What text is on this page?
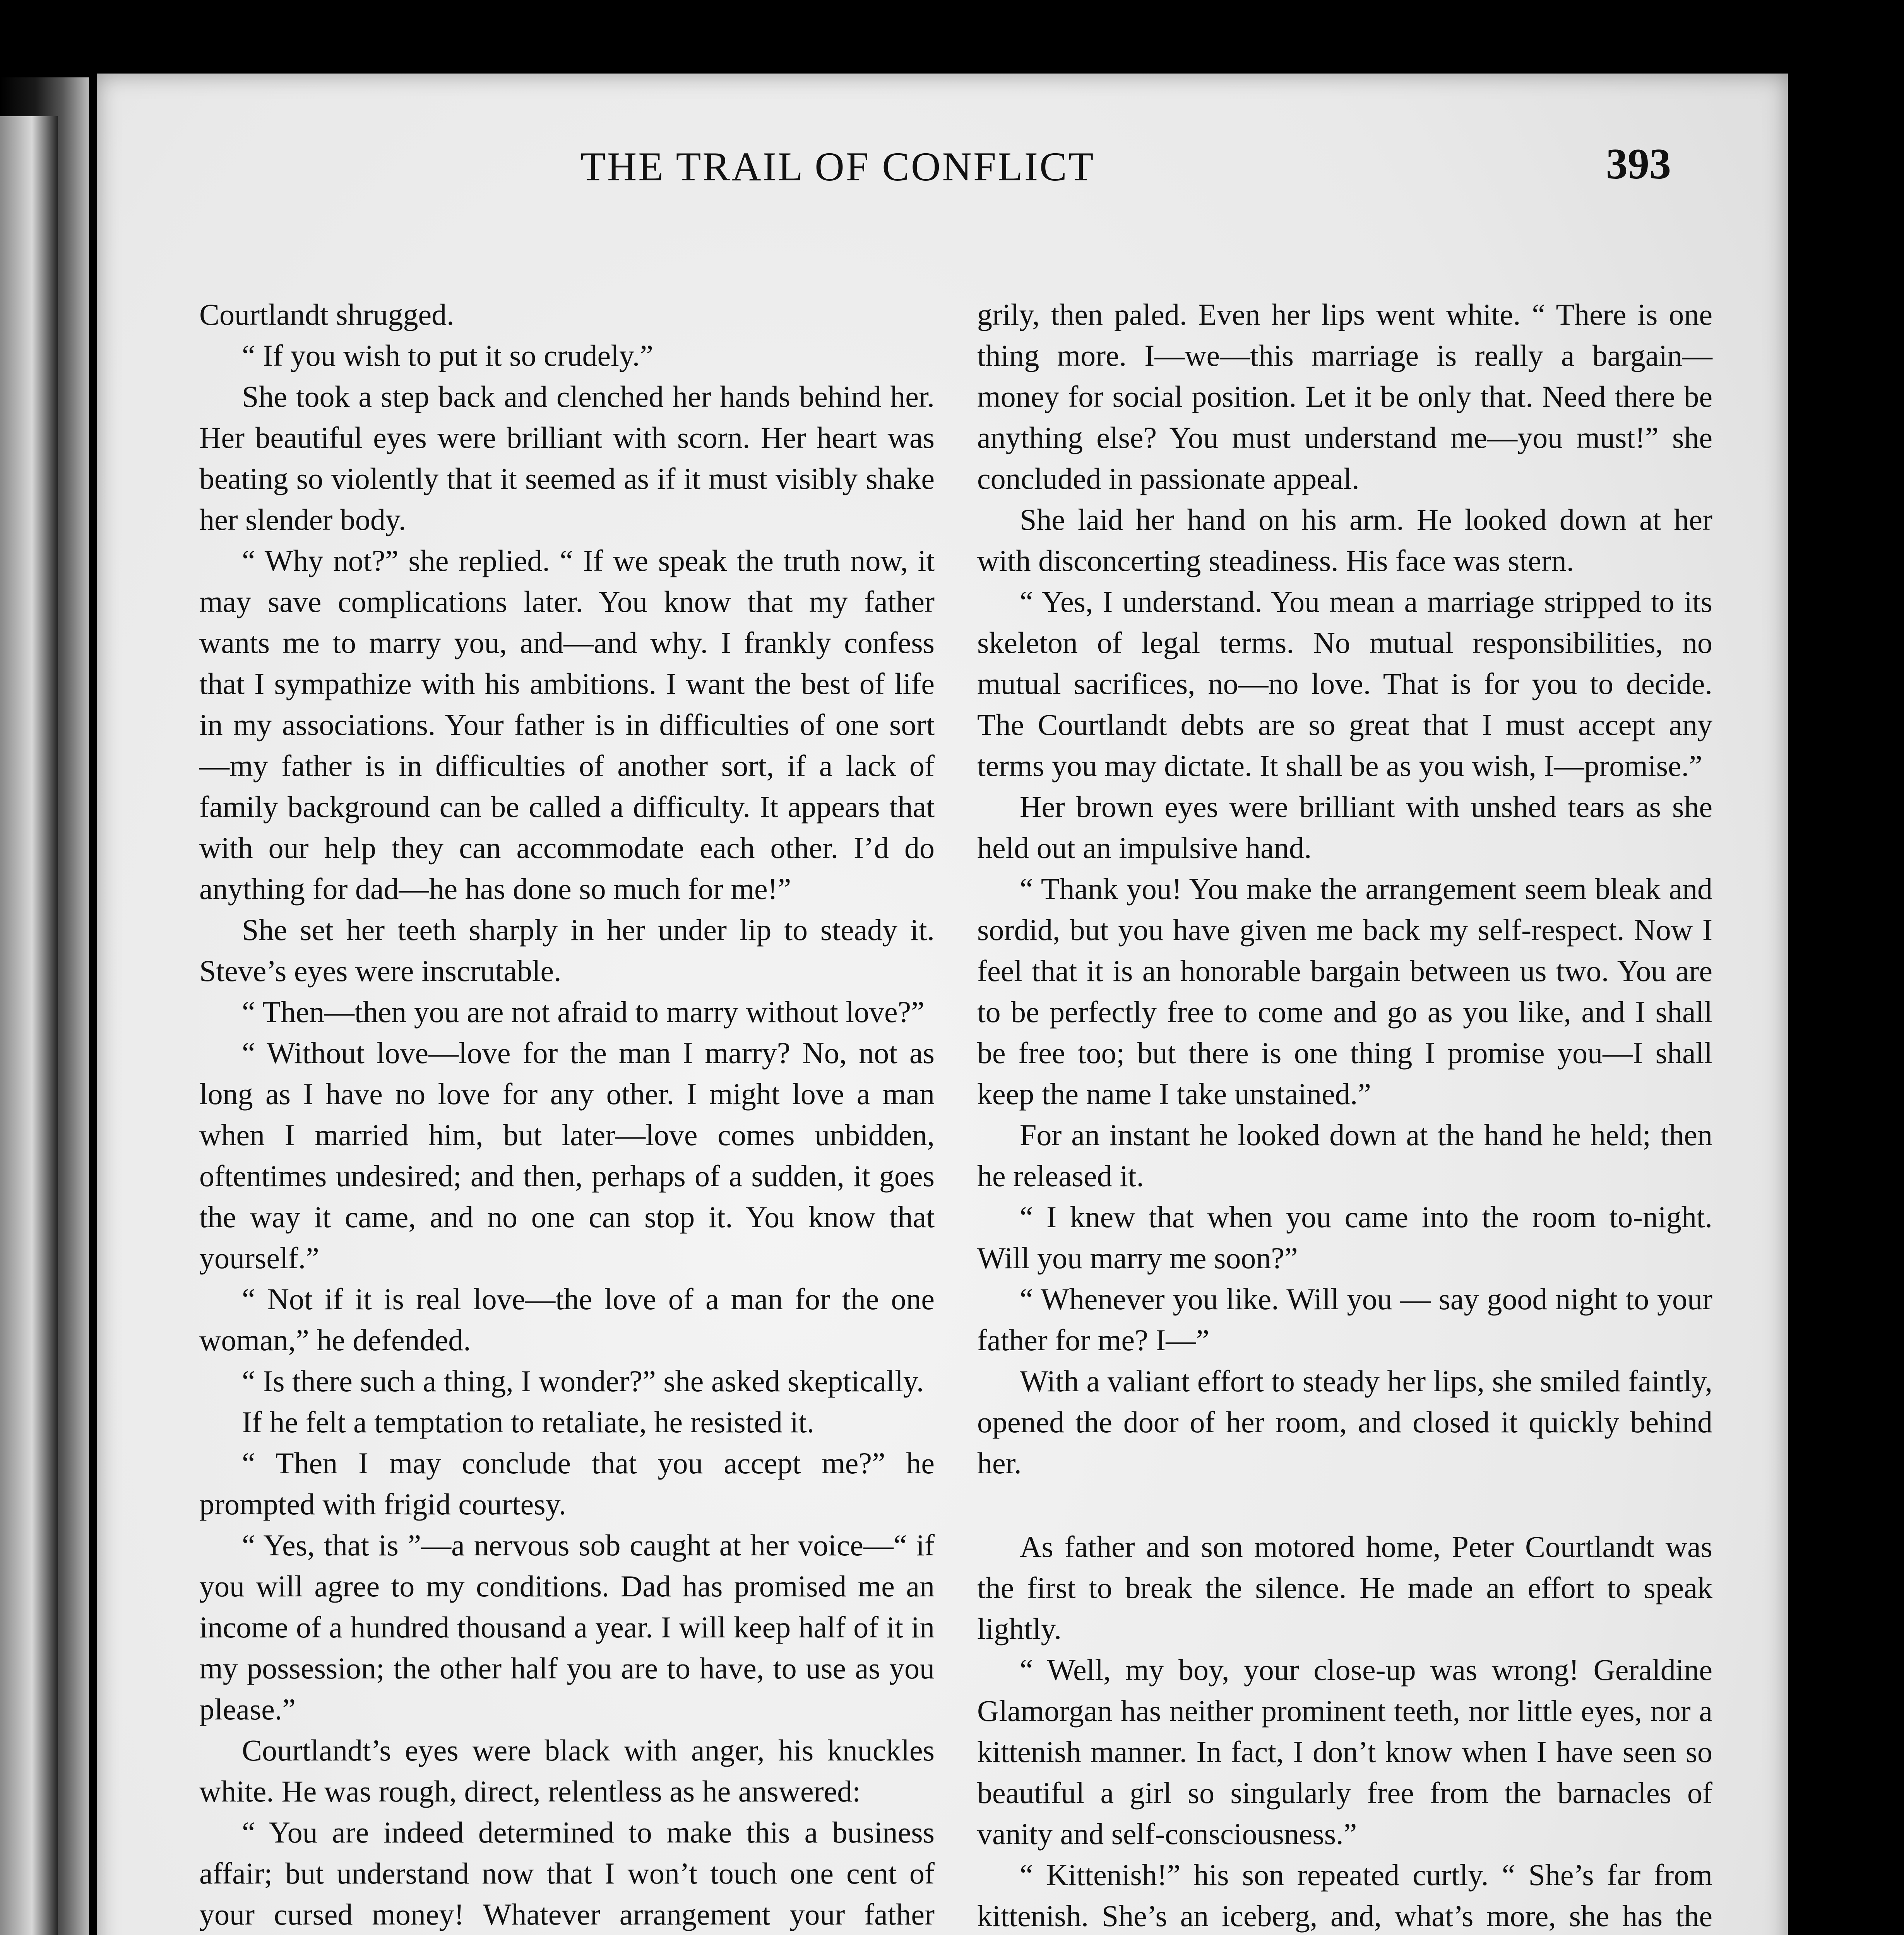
THE TRAIL OF CONFLICT	393

Courtlandt shrugged.

“ If you wish to put it so crudely.”

She took a step back and clenched her hands behind her. Her beautiful eyes were brilliant with scorn. Her heart was beating so violently that it seemed as if it must visibly shake her slender body.

“ Why not?” she replied. “ If we speak the truth now, it may save complications later. You know that my father wants me to marry you, and—and why. I frankly confess that I sympathize with his ambitions. I want the best of life in my associations. Your father is in difficulties of one sort—my father is in difficulties of another sort, if a lack of family background can be called a difficulty. It appears that with our help they can accommodate each other. I’d do anything for dad—he has done so much for me!”

She set her teeth sharply in her under lip to steady it. Steve’s eyes were inscrutable.

“ Then—then you are not afraid to marry without love?”

“ Without love—love for the man I marry? No, not as long as I have no love for any other. I might love a man when I married him, but later—love comes unbidden, oftentimes undesired; and then, perhaps of a sudden, it goes the way it came, and no one can stop it. You know that yourself.”

“ Not if it is real love—the love of a man for the one woman,” he defended.

“ Is there such a thing, I wonder?” she asked skeptically.

If he felt a temptation to retaliate, he resisted it.

“ Then I may conclude that you accept me?” he prompted with frigid courtesy.

“ Yes, that is ”—a nervous sob caught at her voice—“ if you will agree to my conditions. Dad has promised me an income of a hundred thousand a year. I will keep half of it in my possession; the other half you are to have, to use as you please.”

Courtlandt’s eyes were black with anger, his knuckles white. He was rough, direct, relentless as he answered:

“ You are indeed determined to make this a business affair; but understand now that I won’t touch one cent of your cursed money! Whatever arrangement your father

grily, then paled. Even her lips went white. “ There is one thing more. I—we—this marriage is really a bargain—money for social position. Let it be only that. Need there be anything else? You must understand me—you must!” she concluded in passionate appeal.

She laid her hand on his arm. He looked down at her with disconcerting steadiness. His face was stern.

“ Yes, I understand. You mean a marriage stripped to its skeleton of legal terms. No mutual responsibilities, no mutual sacrifices, no—no love. That is for you to decide. The Courtlandt debts are so great that I must accept any terms you may dictate. It shall be as you wish, I—promise.”

Her brown eyes were brilliant with unshed tears as she held out an impulsive hand.

“ Thank you! You make the arrangement seem bleak and sordid, but you have given me back my self-respect. Now I feel that it is an honorable bargain between us two. You are to be perfectly free to come and go as you like, and I shall be free too; but there is one thing I promise you—I shall keep the name I take unstained.”

For an instant he looked down at the hand he held; then he released it.

“ I knew that when you came into the room to-night. Will you marry me soon?”

“ Whenever you like. Will you — say good night to your father for me? I—”

With a valiant effort to steady her lips, she smiled faintly, opened the door of her room, and closed it quickly behind her.

As father and son motored home, Peter Courtlandt was the first to break the silence. He made an effort to speak lightly.

“ Well, my boy, your close-up was wrong! Geraldine Glamorgan has neither prominent teeth, nor little eyes, nor a kittenish manner. In fact, I don’t know when I have seen so beautiful a girl so singularly free from the barnacles of vanity and self-consciousness.”

“ Kittenish!” his son repeated curtly. “ She’s far from kittenish. She’s an iceberg, and, what’s more, she has the
